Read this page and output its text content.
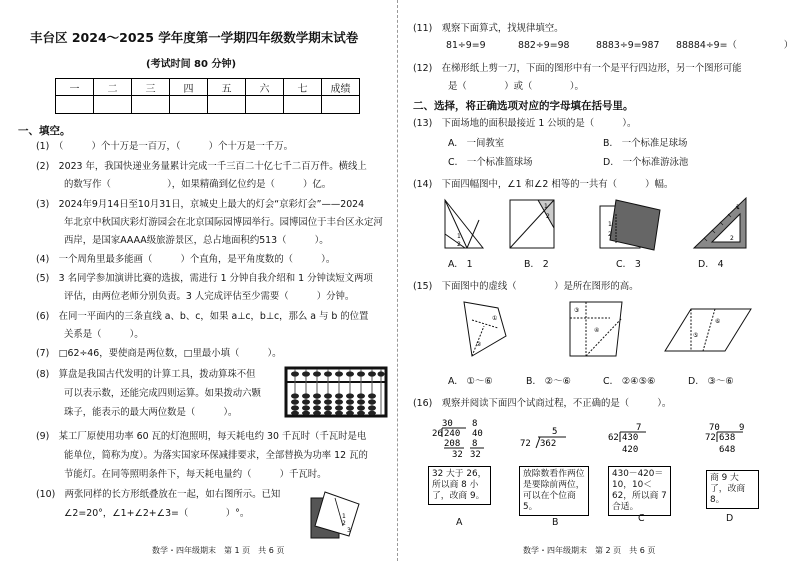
丰台区 2024～2025 学年度第一学期四年级数学期末试卷
(考试时间 80 分钟)
一	二	三	四	五	六	七	成绩

一、填空。
(1)　（　　　）个十万是一百万，（　　　）个十万是一千万。
(2)　2023 年，我国快递业务量累计完成一千三百二十亿七千二百万件。横线上
的数写作（　　　　　　），如果精确到亿位约是（　　　）亿。
(3)　2024年9月14日至10月31日，京城史上最大的灯会“京彩灯会”——2024
年北京中秋国庆彩灯游园会在北京国际园博园举行。园博园位于丰台区永定河
西岸，是国家AAAA级旅游景区，总占地面积约513（　　　）。
(4)　一个周角里最多能画（　　　）个直角，是平角度数的（　　　）。
(5)　3 名同学参加演讲比赛的选拔，需进行 1 分钟自我介绍和 1 分钟读短文两项
评估，由两位老师分别负责。3 人完成评估至少需要（　　　）分钟。
(6)　在同一平面内的三条直线 a、b、c，如果 a⊥c，b⊥c，那么 a 与 b 的位置
关系是（　　　）。
(7)　□62÷46，要使商是两位数，□里最小填（　　　）。
(8)　算盘是我国古代发明的计算工具，拨动算珠不但
可以表示数，还能完成四则运算。如果拨动六颗
珠子，能表示的最大两位数是（　　　）。
(9)　某工厂原使用功率 60 瓦的灯泡照明，每天耗电约 30 千瓦时（千瓦时是电
能单位，简称为度）。为落实国家环保减排要求，全部替换为功率 12 瓦的
节能灯。在同等照明条件下，每天耗电量约（　　　）千瓦时。
(10)　两张同样的长方形纸叠放在一起，如右图所示。已知
∠2=20°，∠1+∠2+∠3=（　　　　）°。	1
2
3
数学・四年级期末　第 1 页　共 6 页
(11)　观察下面算式，找规律填空。
81÷9=9	882÷9=98	8883÷9=987 88884÷9=（　　　　　）
(12)　在梯形纸上剪一刀，下面的图形中有一个是平行四边形，另一个图形可能
是（　　　　）或（　　　　）。
二、选择，将正确选项对应的字母填在括号里。
(13)　下面场地的面积最接近 1 公顷的是（　　　）。
A.　一间教室	B.　一个标准足球场
C.　一个标准篮球场	D.　一个标准游泳池
(14)　下面四幅图中，∠1 和∠2 相等的一共有（　　　）幅。
1
2
1
2
1
2
1
2
A.　1	B.　2	C.　3	D.　4
(15)　下面图中的虚线（　　　　）是所在图形的高。
①
②
③
④
⑤
⑥
A.　①～⑥	B.　②～⑥	C.　②④⑤⑥	D.　③～⑥
(16)　观察并阅读下面四个试商过程，不正确的是（　　　）。
30 8
26 240 40
208 8
32 32
5
72 362
7
62 430
420
70 9
72 638
648
32 大于 26，所以商 8 小了，改商 9。
放除数看作两位是要除前两位，可以在个位商 5。
430－420＝10，10＜62，所以商 7 合适。
商 9 大了，改商 8。
A	B	C	D
数学・四年级期末　第 2 页　共 6 页
